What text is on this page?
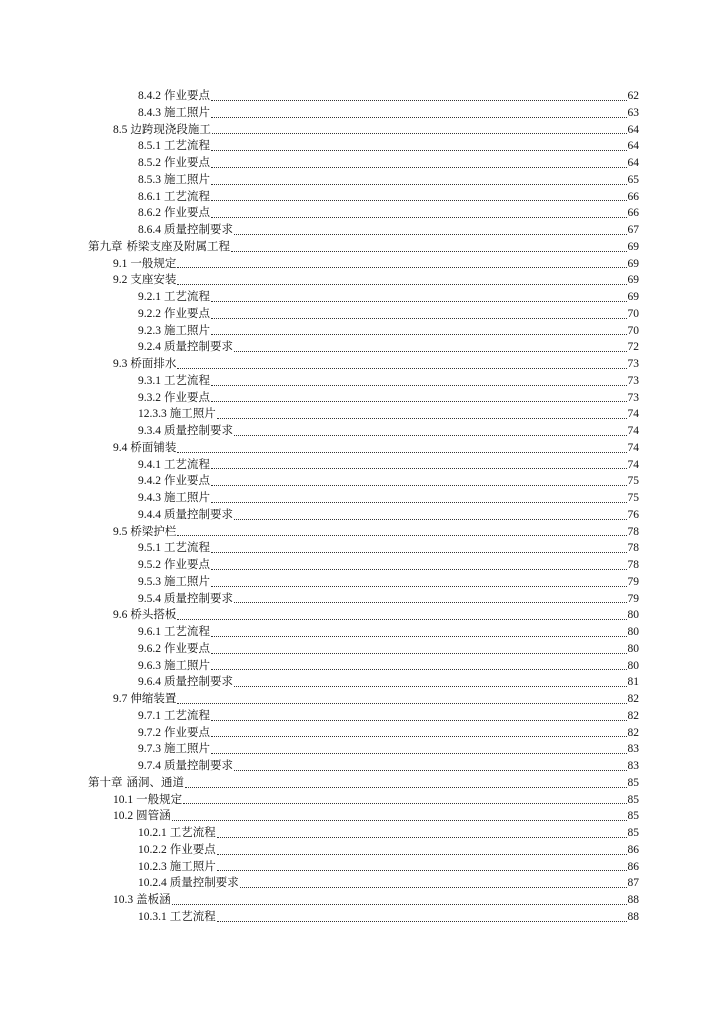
8.4.2 作业要点	62
8.4.3 施工照片	63
8.5 边跨现浇段施工	64
8.5.1 工艺流程	64
8.5.2 作业要点	64
8.5.3 施工照片	65
8.6.1 工艺流程	66
8.6.2 作业要点	66
8.6.4 质量控制要求	67
第九章 桥梁支座及附属工程	69
9.1 一般规定	69
9.2 支座安装	69
9.2.1 工艺流程	69
9.2.2 作业要点	70
9.2.3 施工照片	70
9.2.4 质量控制要求	72
9.3 桥面排水	73
9.3.1 工艺流程	73
9.3.2 作业要点	73
12.3.3 施工照片	74
9.3.4 质量控制要求	74
9.4 桥面铺装	74
9.4.1 工艺流程	74
9.4.2 作业要点	75
9.4.3 施工照片	75
9.4.4 质量控制要求	76
9.5 桥梁护栏	78
9.5.1 工艺流程	78
9.5.2 作业要点	78
9.5.3 施工照片	79
9.5.4 质量控制要求	79
9.6 桥头搭板	80
9.6.1 工艺流程	80
9.6.2 作业要点	80
9.6.3 施工照片	80
9.6.4 质量控制要求	81
9.7 伸缩装置	82
9.7.1 工艺流程	82
9.7.2 作业要点	82
9.7.3 施工照片	83
9.7.4 质量控制要求	83
第十章 涵洞、通道	85
10.1 一般规定	85
10.2 圆管涵	85
10.2.1 工艺流程	85
10.2.2 作业要点	86
10.2.3 施工照片	86
10.2.4 质量控制要求	87
10.3 盖板涵	88
10.3.1 工艺流程	88
